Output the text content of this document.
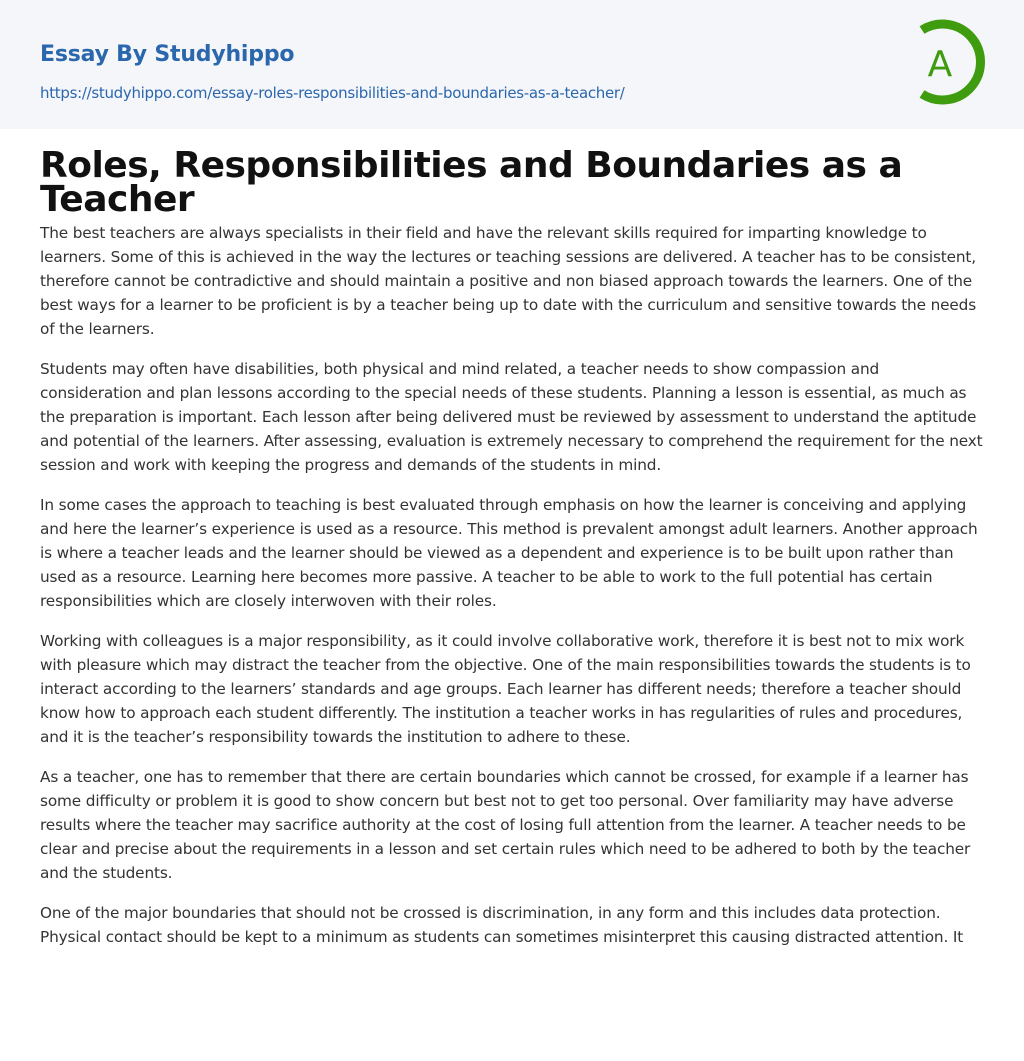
Essay By Studyhippo
https://studyhippo.com/essay-roles-responsibilities-and-boundaries-as-a-teacher/
A
Roles, Responsibilities and Boundaries as a Teacher

The best teachers are always specialists in their field and have the relevant skills required for imparting knowledge to learners. Some of this is achieved in the way the lectures or teaching sessions are delivered. A teacher has to be consistent, therefore cannot be contradictive and should maintain a positive and non biased approach towards the learners. One of the best ways for a learner to be proficient is by a teacher being up to date with the curriculum and sensitive towards the needs of the learners.

Students may often have disabilities, both physical and mind related, a teacher needs to show compassion and consideration and plan lessons according to the special needs of these students. Planning a lesson is essential, as much as the preparation is important. Each lesson after being delivered must be reviewed by assessment to understand the aptitude and potential of the learners. After assessing, evaluation is extremely necessary to comprehend the requirement for the next session and work with keeping the progress and demands of the students in mind.

In some cases the approach to teaching is best evaluated through emphasis on how the learner is conceiving and applying and here the learner’s experience is used as a resource. This method is prevalent amongst adult learners. Another approach is where a teacher leads and the learner should be viewed as a dependent and experience is to be built upon rather than used as a resource. Learning here becomes more passive. A teacher to be able to work to the full potential has certain responsibilities which are closely interwoven with their roles.

Working with colleagues is a major responsibility, as it could involve collaborative work, therefore it is best not to mix work with pleasure which may distract the teacher from the objective. One of the main responsibilities towards the students is to interact according to the learners’ standards and age groups. Each learner has different needs; therefore a teacher should know how to approach each student differently. The institution a teacher works in has regularities of rules and procedures, and it is the teacher’s responsibility towards the institution to adhere to these.

As a teacher, one has to remember that there are certain boundaries which cannot be crossed, for example if a learner has some difficulty or problem it is good to show concern but best not to get too personal. Over familiarity may have adverse results where the teacher may sacrifice authority at the cost of losing full attention from the learner. A teacher needs to be clear and precise about the requirements in a lesson and set certain rules which need to be adhered to both by the teacher and the students.

One of the major boundaries that should not be crossed is discrimination, in any form and this includes data protection. Physical contact should be kept to a minimum as students can sometimes misinterpret this causing distracted attention. It
